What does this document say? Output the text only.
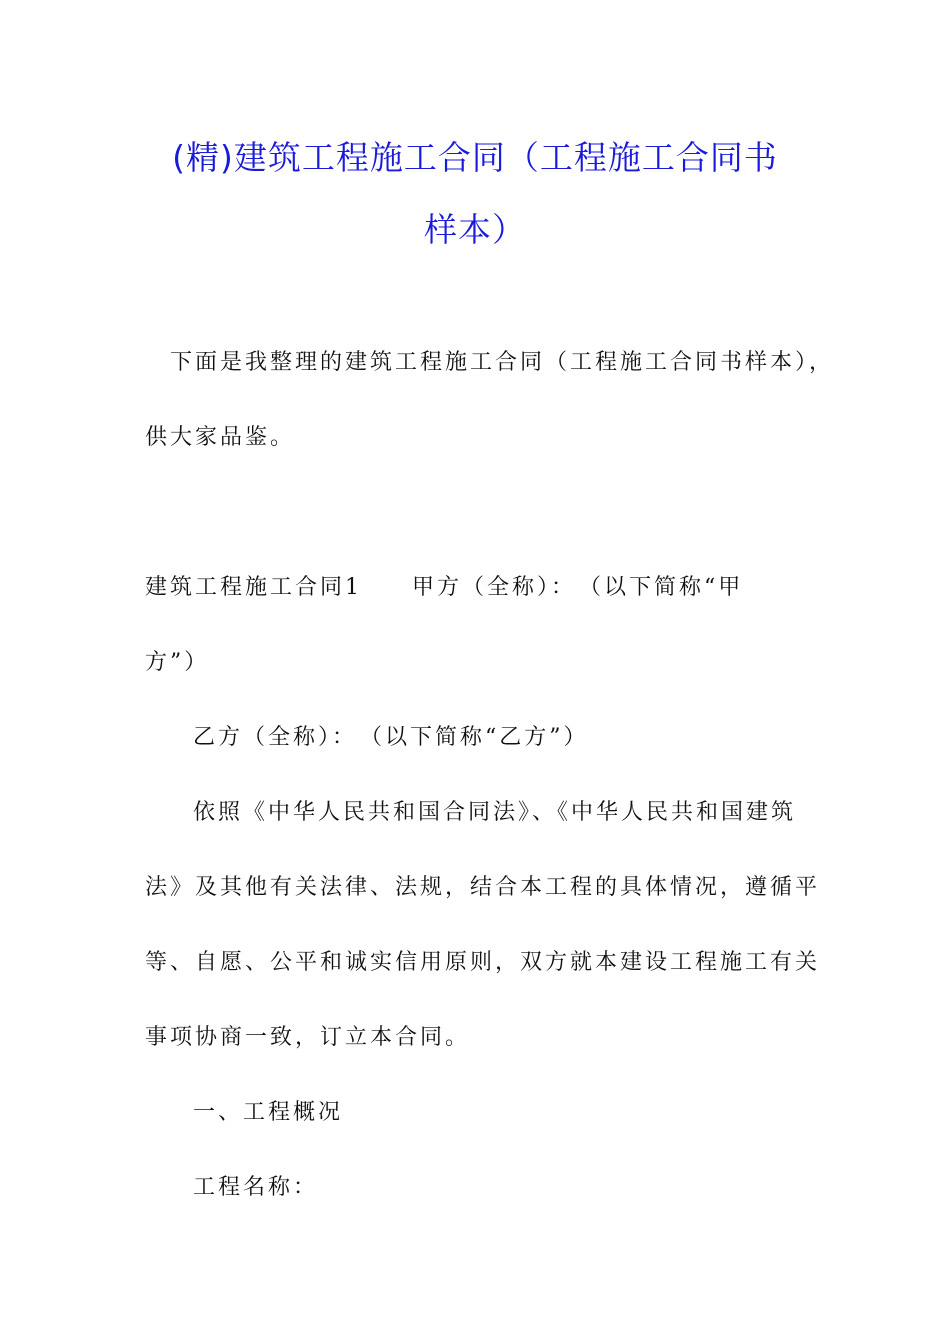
(精)建筑工程施工合同（工程施工合同书
样本）
下面是我整理的建筑工程施工合同（工程施工合同书样本），
供大家品鉴。
建筑工程施工合同1　　甲方（全称）：　（以下简称“甲
方”）
乙方（全称）：　（以下简称“乙方”）
依照《中华人民共和国合同法》、《中华人民共和国建筑
法》及其他有关法律、法规，结合本工程的具体情况，遵循平
等、自愿、公平和诚实信用原则，双方就本建设工程施工有关
事项协商一致，订立本合同。
一、工程概况
工程名称：
